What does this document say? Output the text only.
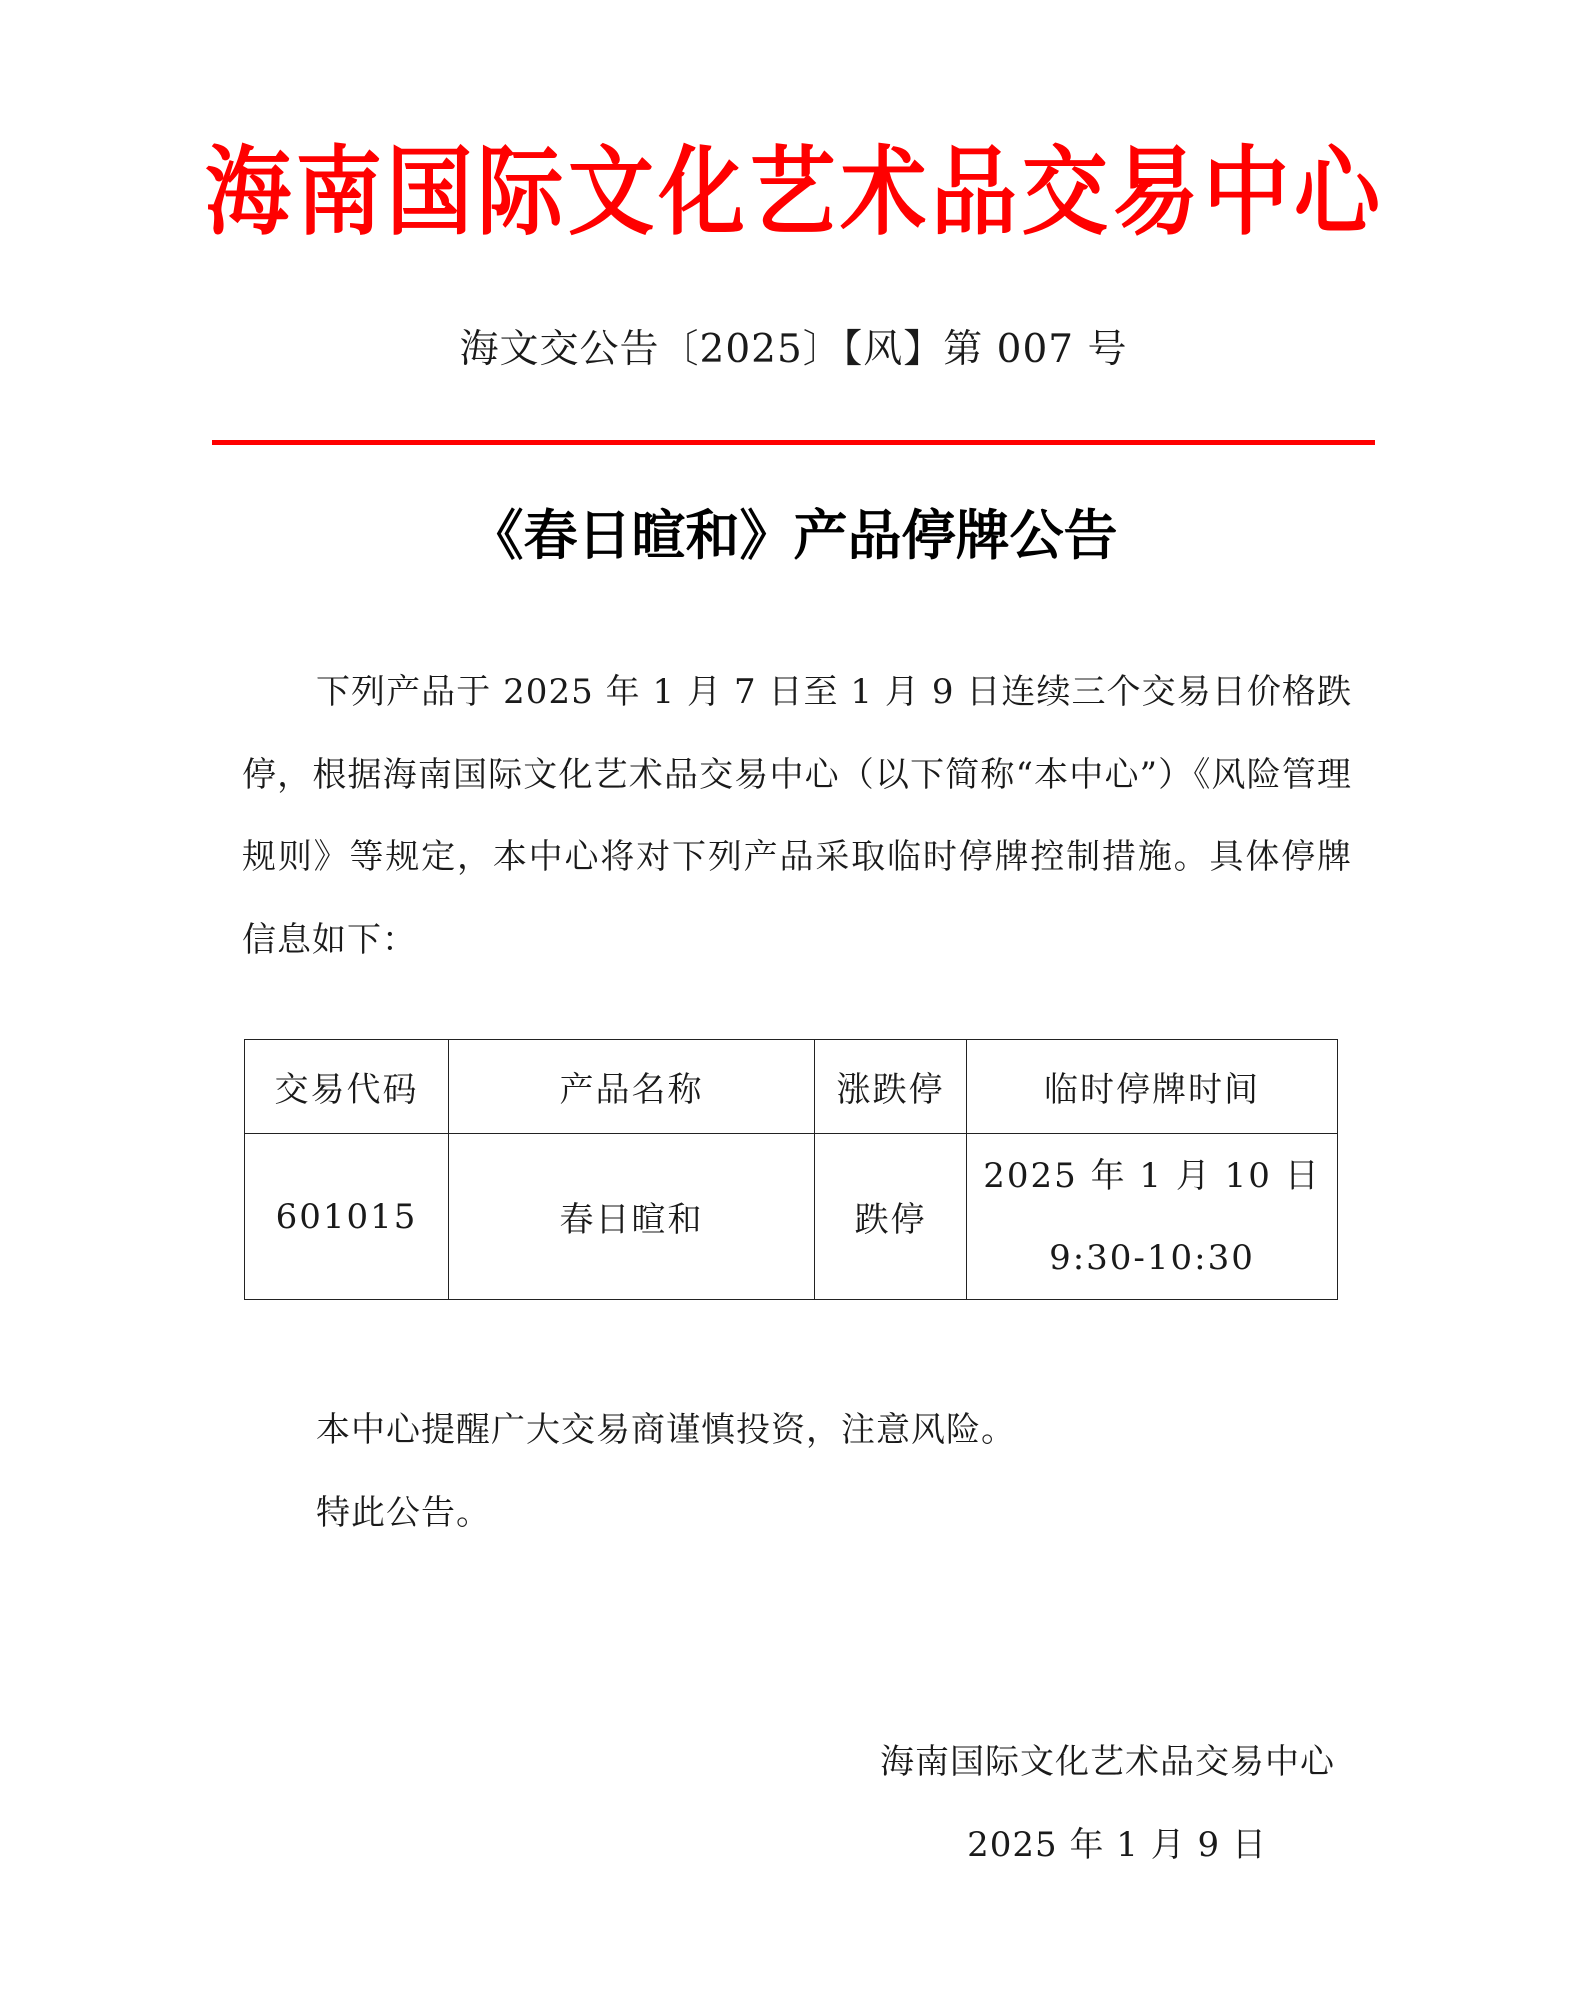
海 南 国 际 文 化 艺 术 品 交 易 中 心
海文交公告〔2025〕【风】第 007 号
《春日暄和》产品停牌公告
下列产品于 2025 年 1 月 7 日至 1 月 9 日连续三个交易日价格跌停，根据海南国际文化艺术品交易中心（以下简称“本中心”）《风险管理规则》等规定，本中心将对下列产品采取临时停牌控制措施。具体停牌信息如下：
交易代码	产品名称	涨跌停	临时停牌时间
601015	春日暄和	跌停	2025 年 1 月 10 日
9:30-10:30
本中心提醒广大交易商谨慎投资，注意风险。
特此公告。
海南国际文化艺术品交易中心
2025 年 1 月 9 日
